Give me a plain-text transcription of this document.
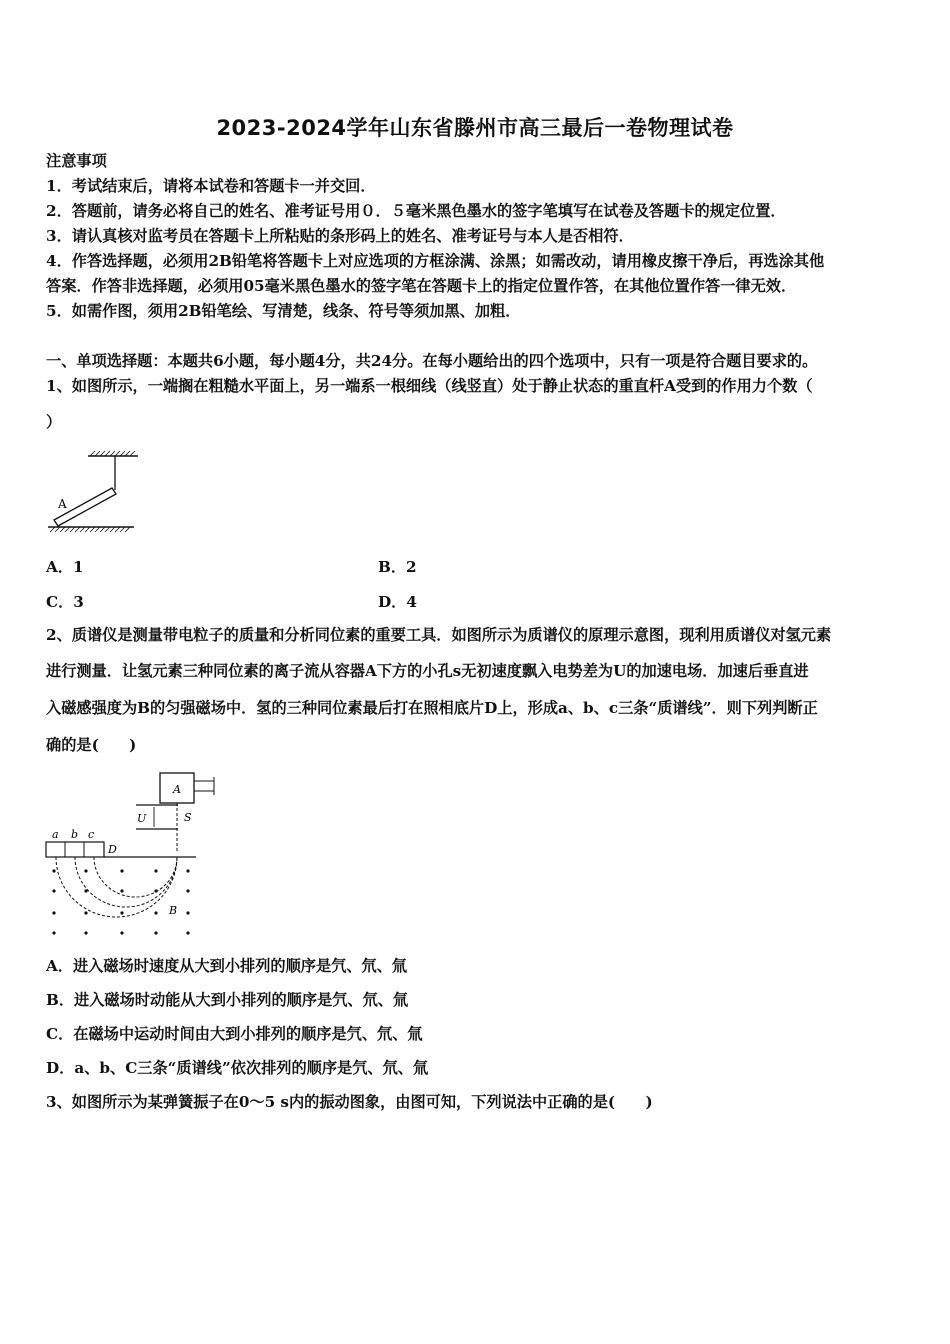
2023-2024学年山东省滕州市高三最后一卷物理试卷
注意事项
1．考试结束后，请将本试卷和答题卡一并交回．
2．答题前，请务必将自己的姓名、准考证号用０．５毫米黑色墨水的签字笔填写在试卷及答题卡的规定位置．
3．请认真核对监考员在答题卡上所粘贴的条形码上的姓名、准考证号与本人是否相符．
4．作答选择题，必须用2B铅笔将答题卡上对应选项的方框涂满、涂黑；如需改动，请用橡皮擦干净后，再选涂其他
答案．作答非选择题，必须用05毫米黑色墨水的签字笔在答题卡上的指定位置作答，在其他位置作答一律无效．
5．如需作图，须用2B铅笔绘、写清楚，线条、符号等须加黑、加粗．
一、单项选择题：本题共6小题，每小题4分，共24分。在每小题给出的四个选项中，只有一项是符合题目要求的。
1、如图所示，一端搁在粗糙水平面上，另一端系一根细线（线竖直）处于静止状态的重直杆A受到的作用力个数（
）
A
A．1	B．2
C．3	D．4
2、质谱仪是测量带电粒子的质量和分析同位素的重要工具．如图所示为质谱仪的原理示意图，现利用质谱仪对氢元素
进行测量．让氢元素三种同位素的离子流从容器A下方的小孔s无初速度飘入电势差为U的加速电场．加速后垂直进
入磁感强度为B的匀强磁场中．氢的三种同位素最后打在照相底片D上，形成a、b、c三条“质谱线”．则下列判断正
确的是(　　)
A
U	S
a b c
D
B
A．进入磁场时速度从大到小排列的顺序是氕、氘、氚
B．进入磁场时动能从大到小排列的顺序是氕、氘、氚
C．在磁场中运动时间由大到小排列的顺序是氕、氘、氚
D．a、b、C三条“质谱线”依次排列的顺序是氕、氘、氚
3、如图所示为某弹簧振子在0～5 s内的振动图象，由图可知，下列说法中正确的是(　　)
